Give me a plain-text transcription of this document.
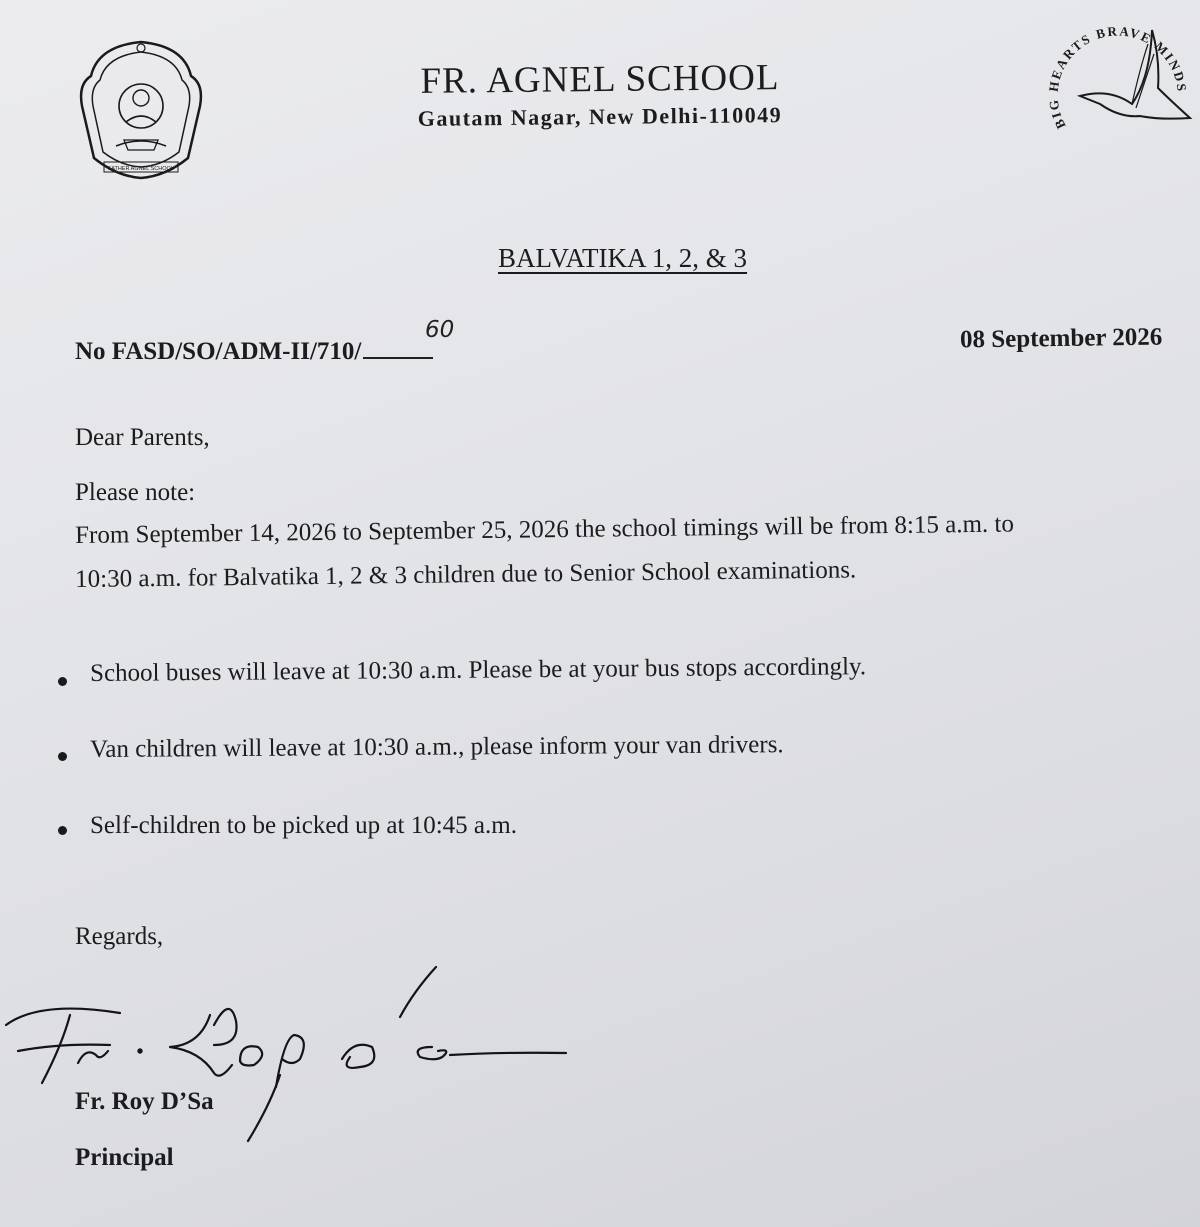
FATHER AGNEL SCHOOL
BIG HEARTS BRAVE MINDS
FR. AGNEL SCHOOL
Gautam Nagar, New Delhi-110049
BALVATIKA 1, 2, & 3
No FASD/SO/ADM-II/710/
60	08 September 2026
Dear Parents,
Please note:
From September 14, 2026 to September 25, 2026 the school timings will be from 8:15 a.m. to
10:30 a.m. for Balvatika 1, 2 & 3 children due to Senior School examinations.
School buses will leave at 10:30 a.m. Please be at your bus stops accordingly.
Van children will leave at 10:30 a.m., please inform your van drivers.
Self-children to be picked up at 10:45 a.m.
Regards,
Fr. Roy D'Sa
Fr. Roy D’Sa
Principal
